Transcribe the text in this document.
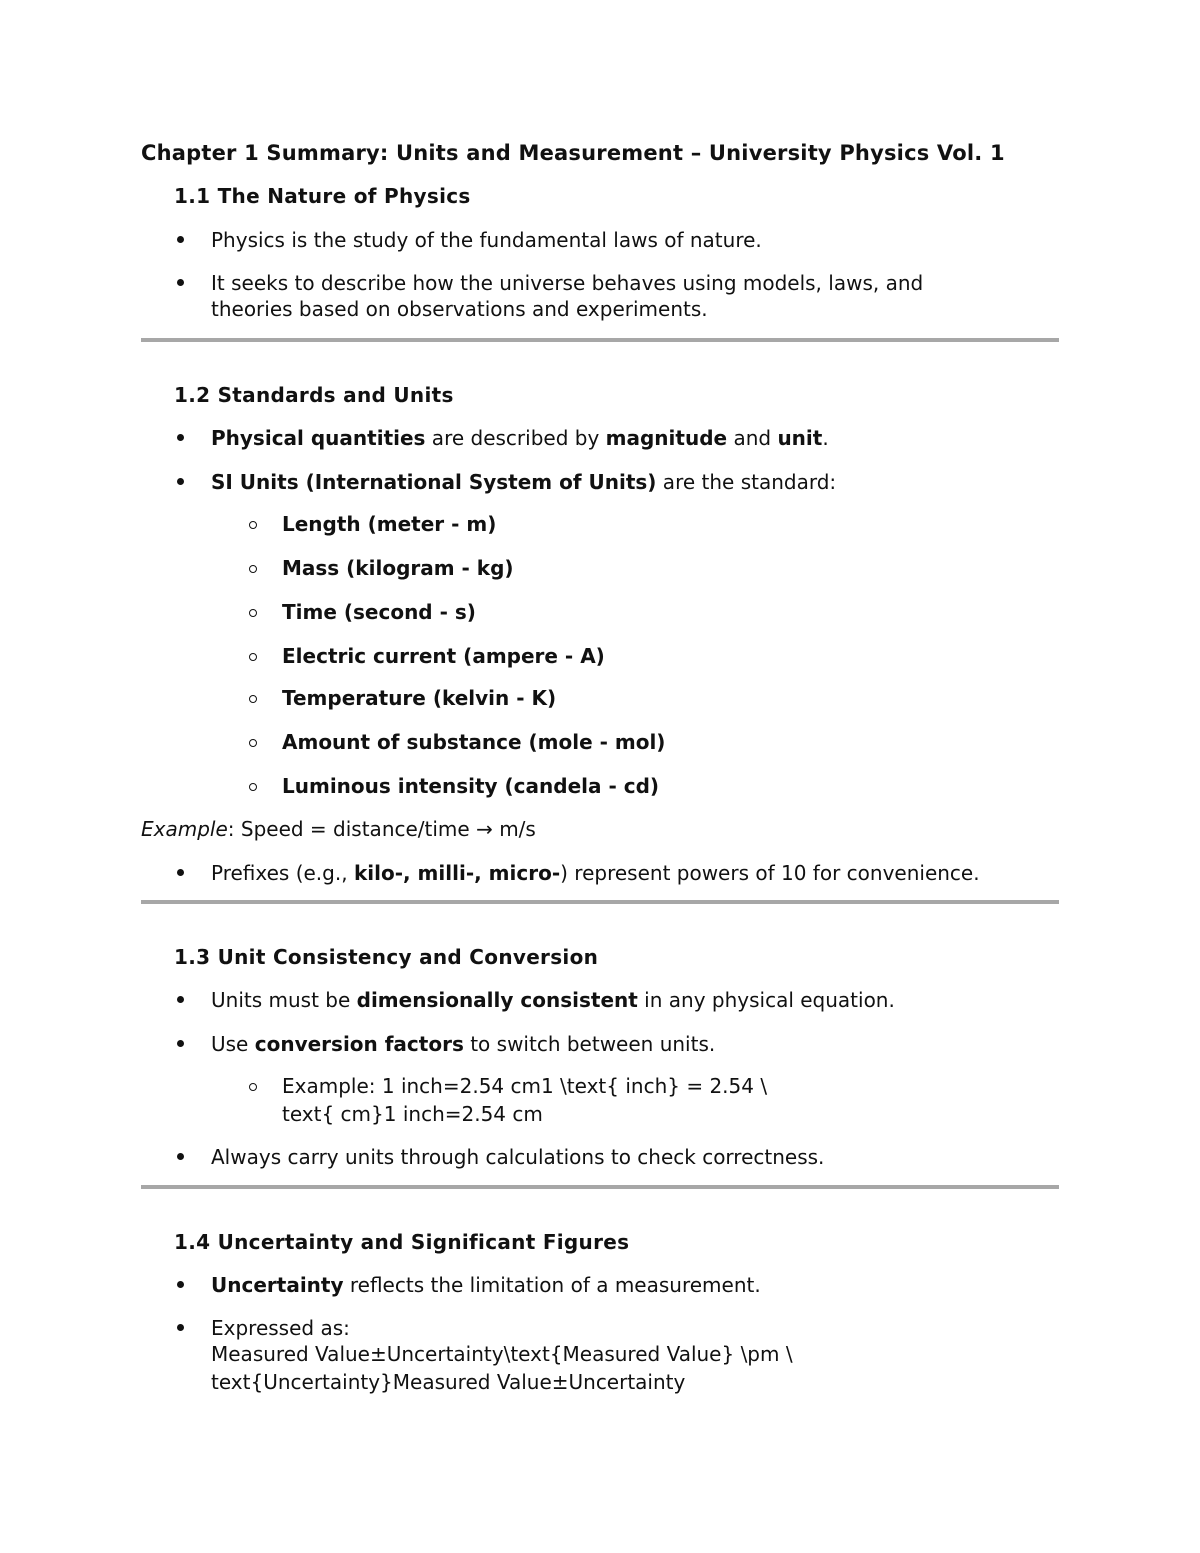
Chapter 1 Summary: Units and Measurement – University Physics Vol. 1
1.1 The Nature of Physics
Physics is the study of the fundamental laws of nature.
It seeks to describe how the universe behaves using models, laws, and
theories based on observations and experiments.
1.2 Standards and Units
Physical quantities are described by magnitude and unit.
SI Units (International System of Units) are the standard:
Length (meter - m)
Mass (kilogram - kg)
Time (second - s)
Electric current (ampere - A)
Temperature (kelvin - K)
Amount of substance (mole - mol)
Luminous intensity (candela - cd)
Example: Speed = distance/time → m/s
Prefixes (e.g., kilo-, milli-, micro-) represent powers of 10 for convenience.
1.3 Unit Consistency and Conversion
Units must be dimensionally consistent in any physical equation.
Use conversion factors to switch between units.
Example: 1 inch=2.54 cm1 \text{ inch} = 2.54 \
text{ cm}1 inch=2.54 cm
Always carry units through calculations to check correctness.
1.4 Uncertainty and Significant Figures
Uncertainty reflects the limitation of a measurement.
Expressed as:
Measured Value±Uncertainty\text{Measured Value} \pm \
text{Uncertainty}Measured Value±Uncertainty
